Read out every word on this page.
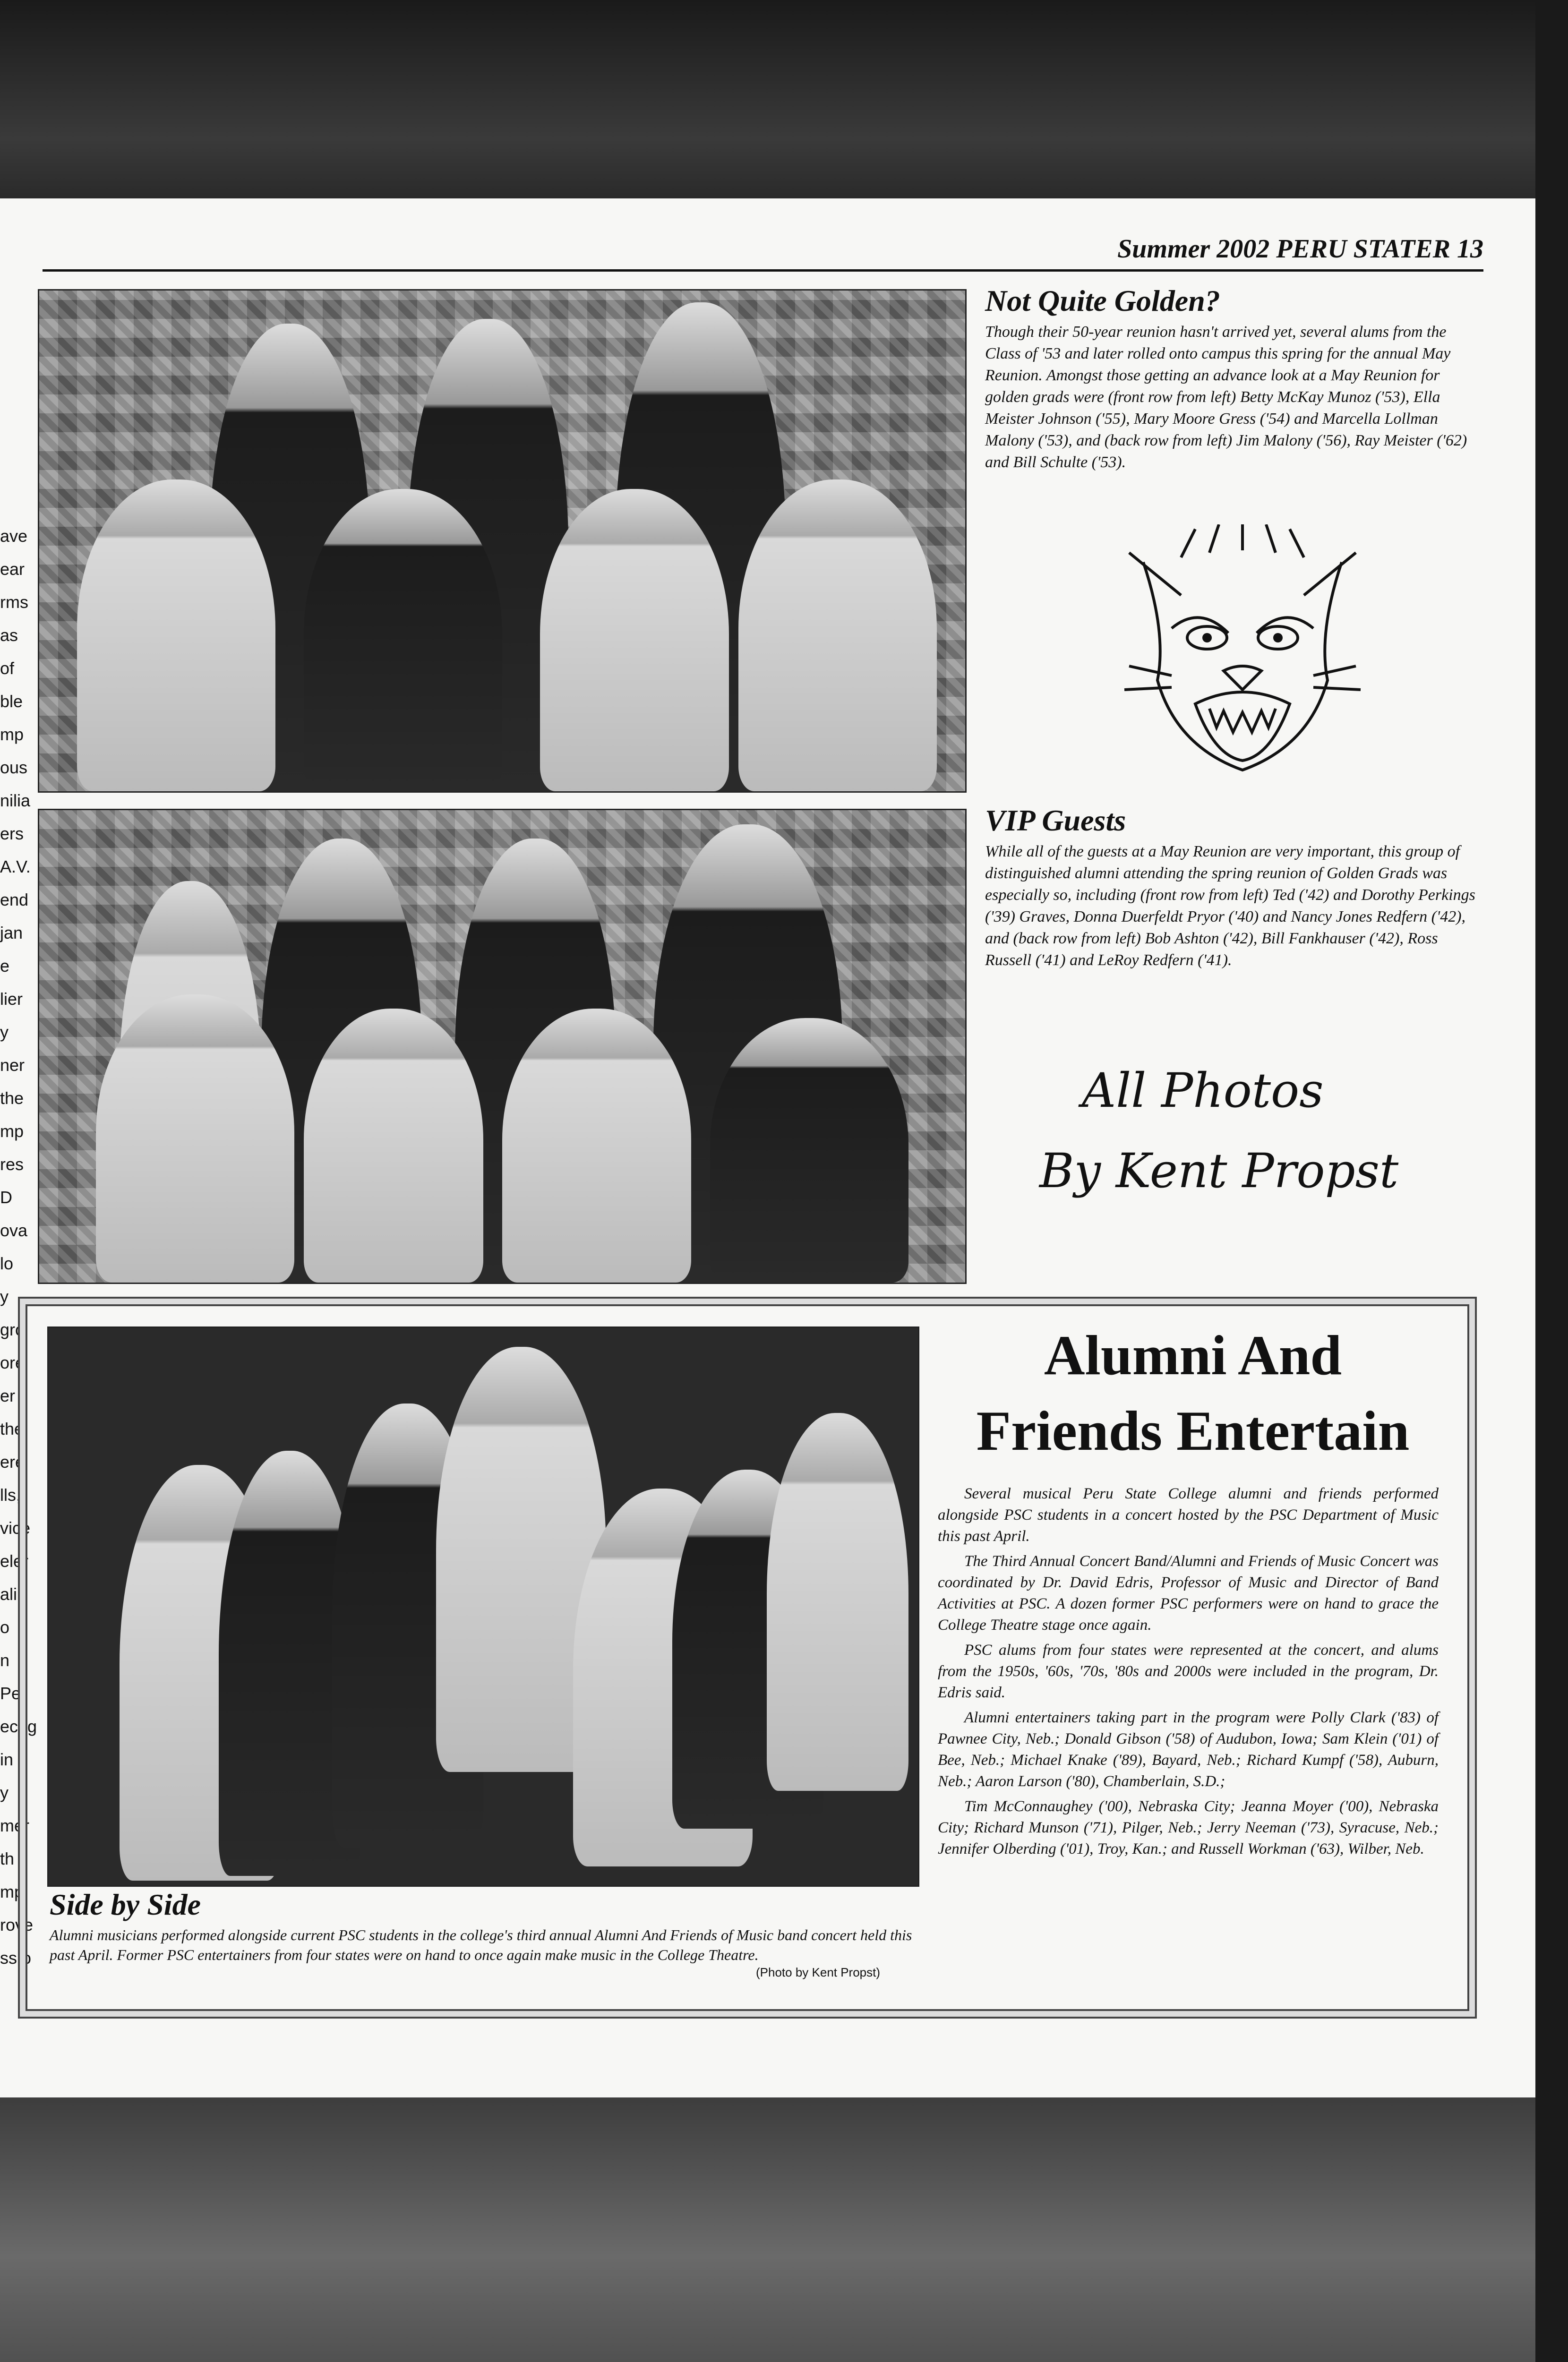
ave
ear
rms
as
of
ble
mp
ous
nilia
ers
A.V.
end
jan
e
lier
y
ner
the
mp
res
D
ova
lo
y
gro
ore
er
the
ere
lls,
vice
eler
alin
o
n
Pe
ecog
in
y
mer
th
mp
rove
ss o
Summer 2002 PERU STATER 13
Not Quite Golden?
Though their 50-year reunion hasn't arrived yet, several alums from the Class of '53 and later rolled onto campus this spring for the annual May Reunion. Amongst those getting an advance look at a May Reunion for golden grads were (front row from left) Betty McKay Munoz ('53), Ella Meister Johnson ('55), Mary Moore Gress ('54) and Marcella Lollman Malony ('53), and (back row from left) Jim Malony ('56), Ray Meister ('62) and Bill Schulte ('53).
VIP Guests
While all of the guests at a May Reunion are very important, this group of distinguished alumni attending the spring reunion of Golden Grads was especially so, including (front row from left) Ted ('42) and Dorothy Perkings ('39) Graves, Donna Duerfeldt Pryor ('40) and Nancy Jones Redfern ('42), and (back row from left) Bob Ashton ('42), Bill Fankhauser ('42), Ross Russell ('41) and LeRoy Redfern ('41).
All Photos
By Kent Propst
Side by Side
Alumni musicians performed alongside current PSC students in the college's third annual Alumni And Friends of Music band concert held this past April. Former PSC entertainers from four states were on hand to once again make music in the College Theatre.
(Photo by Kent Propst)
Alumni And
Friends Entertain

Several musical Peru State College alumni and friends performed alongside PSC students in a concert hosted by the PSC Department of Music this past April.

The Third Annual Concert Band/Alumni and Friends of Music Concert was coordinated by Dr. David Edris, Professor of Music and Director of Band Activities at PSC. A dozen former PSC performers were on hand to grace the College Theatre stage once again.

PSC alums from four states were represented at the concert, and alums from the 1950s, '60s, '70s, '80s and 2000s were included in the program, Dr. Edris said.

Alumni entertainers taking part in the program were Polly Clark ('83) of Pawnee City, Neb.; Donald Gibson ('58) of Audubon, Iowa; Sam Klein ('01) of Bee, Neb.; Michael Knake ('89), Bayard, Neb.; Richard Kumpf ('58), Auburn, Neb.; Aaron Larson ('80), Chamberlain, S.D.;

Tim McConnaughey ('00), Nebraska City; Jeanna Moyer ('00), Nebraska City; Richard Munson ('71), Pilger, Neb.; Jerry Neeman ('73), Syracuse, Neb.; Jennifer Olberding ('01), Troy, Kan.; and Russell Workman ('63), Wilber, Neb.
